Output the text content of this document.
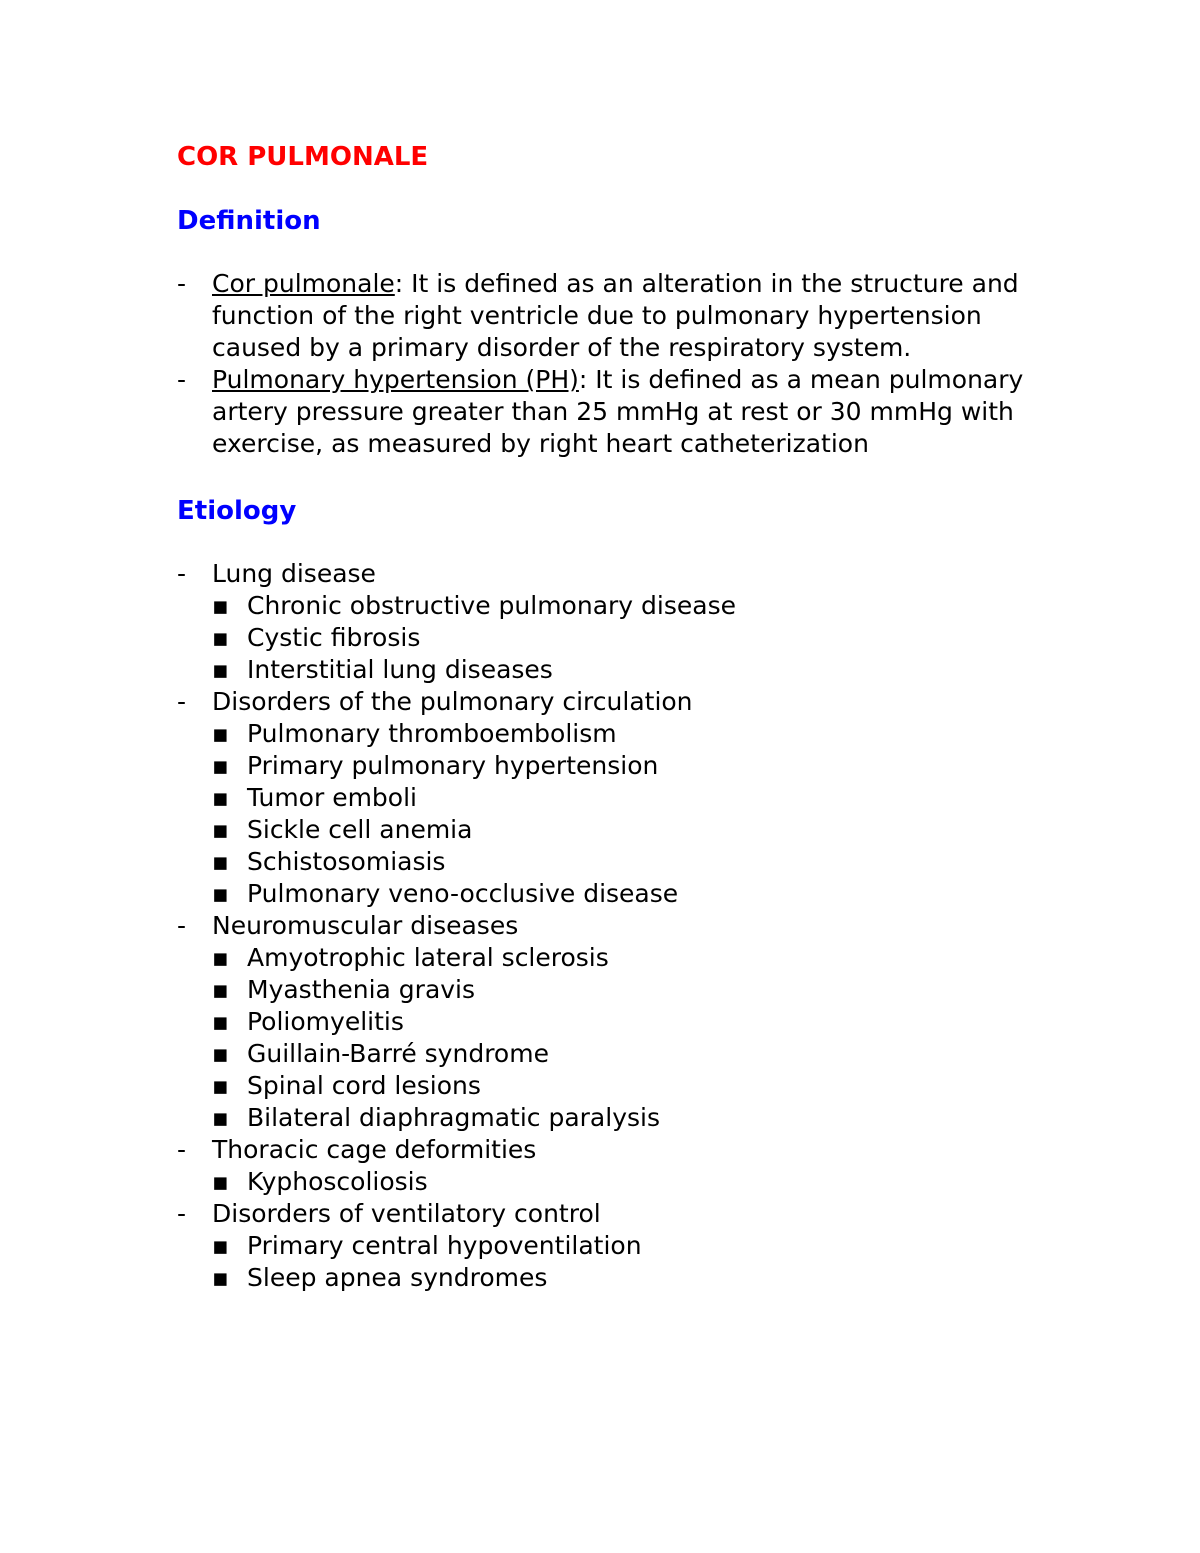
COR PULMONALE
Definition
- Cor pulmonale: It is defined as an alteration in the structure and function of the right ventricle due to pulmonary hypertension caused by a primary disorder of the respiratory system.
- Pulmonary hypertension (PH): It is defined as a mean pulmonary artery pressure greater than 25 mmHg at rest or 30 mmHg with exercise, as measured by right heart catheterization
Etiology
- Lung disease
▪ Chronic obstructive pulmonary disease
▪ Cystic fibrosis
▪ Interstitial lung diseases
- Disorders of the pulmonary circulation
▪ Pulmonary thromboembolism
▪ Primary pulmonary hypertension
▪ Tumor emboli
▪ Sickle cell anemia
▪ Schistosomiasis
▪ Pulmonary veno-occlusive disease
- Neuromuscular diseases
▪ Amyotrophic lateral sclerosis
▪ Myasthenia gravis
▪ Poliomyelitis
▪ Guillain-Barré syndrome
▪ Spinal cord lesions
▪ Bilateral diaphragmatic paralysis
- Thoracic cage deformities
▪ Kyphoscoliosis
- Disorders of ventilatory control
▪ Primary central hypoventilation
▪ Sleep apnea syndromes
